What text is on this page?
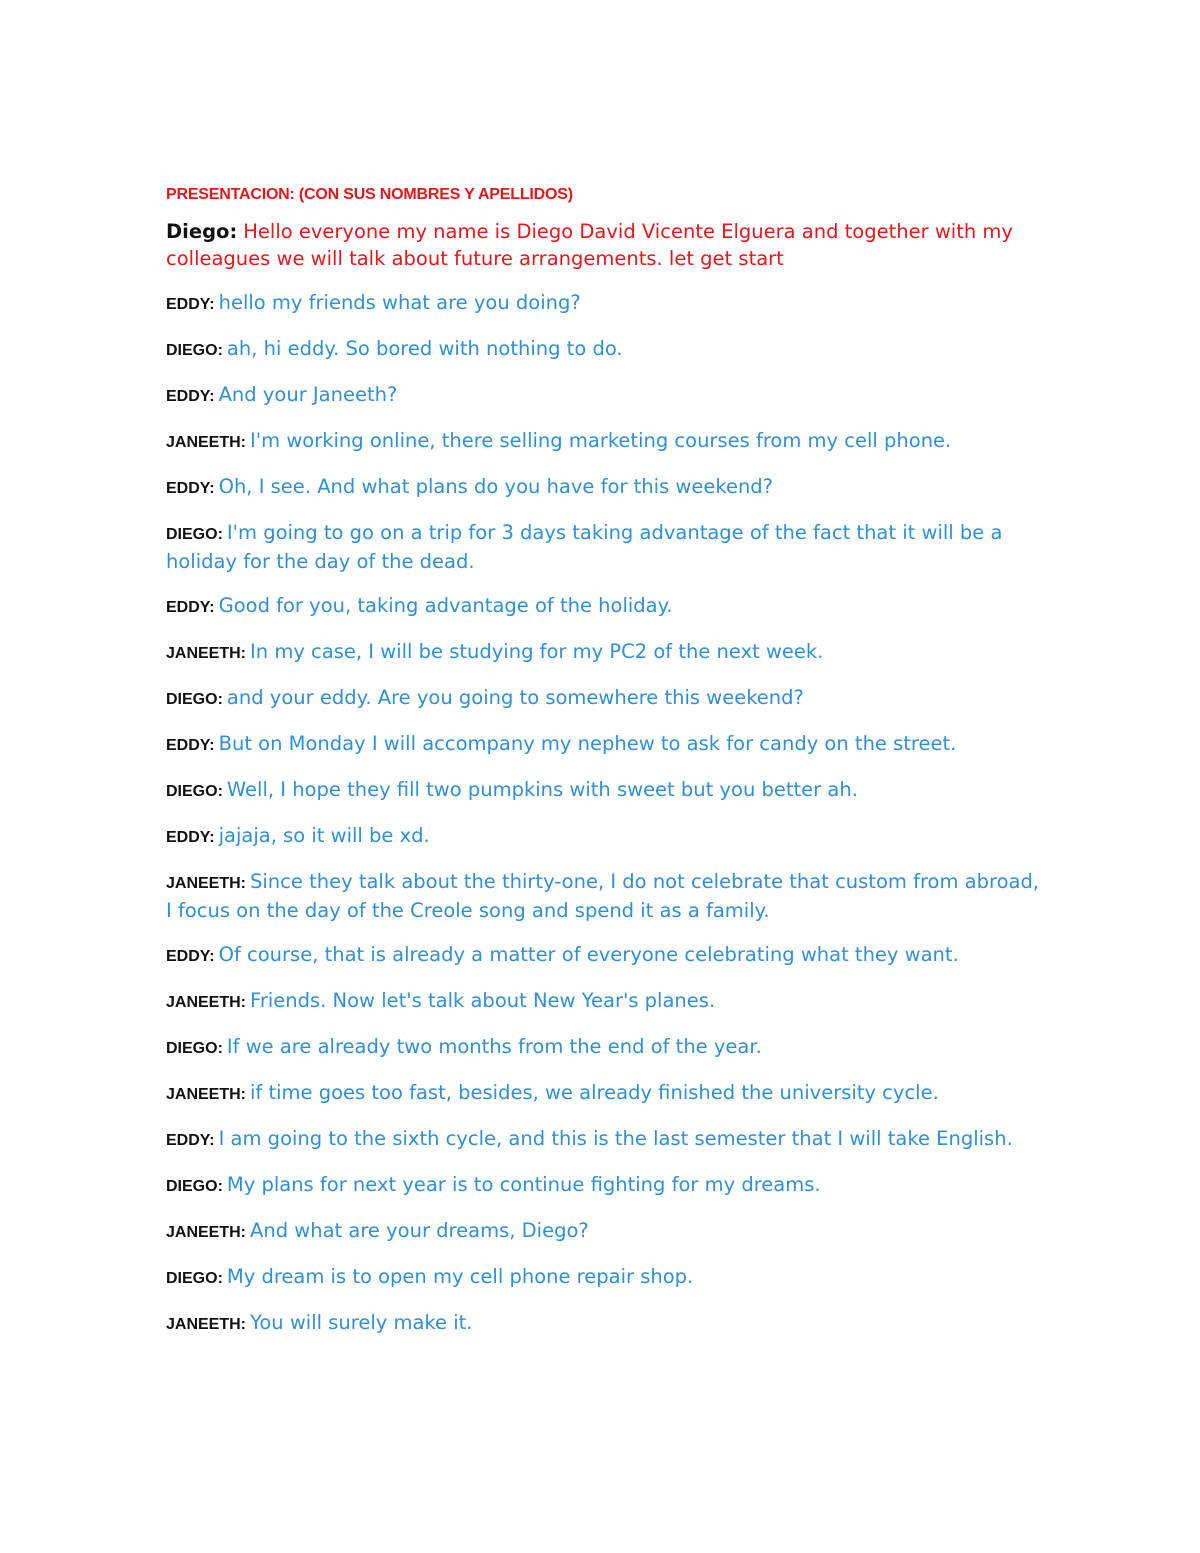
PRESENTACION: (CON SUS NOMBRES Y APELLIDOS)
Diego: Hello everyone my name is Diego David Vicente Elguera and together with my colleagues we will talk about future arrangements. let get start
EDDY: hello my friends what are you doing?
DIEGO: ah, hi eddy. So bored with nothing to do.
EDDY: And your Janeeth?
JANEETH: I'm working online, there selling marketing courses from my cell phone.
EDDY: Oh, I see. And what plans do you have for this weekend?
DIEGO: I'm going to go on a trip for 3 days taking advantage of the fact that it will be a holiday for the day of the dead.
EDDY: Good for you, taking advantage of the holiday.
JANEETH: In my case, I will be studying for my PC2 of the next week.
DIEGO: and your eddy. Are you going to somewhere this weekend?
EDDY: But on Monday I will accompany my nephew to ask for candy on the street.
DIEGO: Well, I hope they fill two pumpkins with sweet but you better ah.
EDDY: jajaja, so it will be xd.
JANEETH: Since they talk about the thirty-one, I do not celebrate that custom from abroad, I focus on the day of the Creole song and spend it as a family.
EDDY: Of course, that is already a matter of everyone celebrating what they want.
JANEETH: Friends. Now let's talk about New Year's planes.
DIEGO: If we are already two months from the end of the year.
JANEETH: if time goes too fast, besides, we already finished the university cycle.
EDDY: I am going to the sixth cycle, and this is the last semester that I will take English.
DIEGO: My plans for next year is to continue fighting for my dreams.
JANEETH: And what are your dreams, Diego?
DIEGO: My dream is to open my cell phone repair shop.
JANEETH: You will surely make it.
